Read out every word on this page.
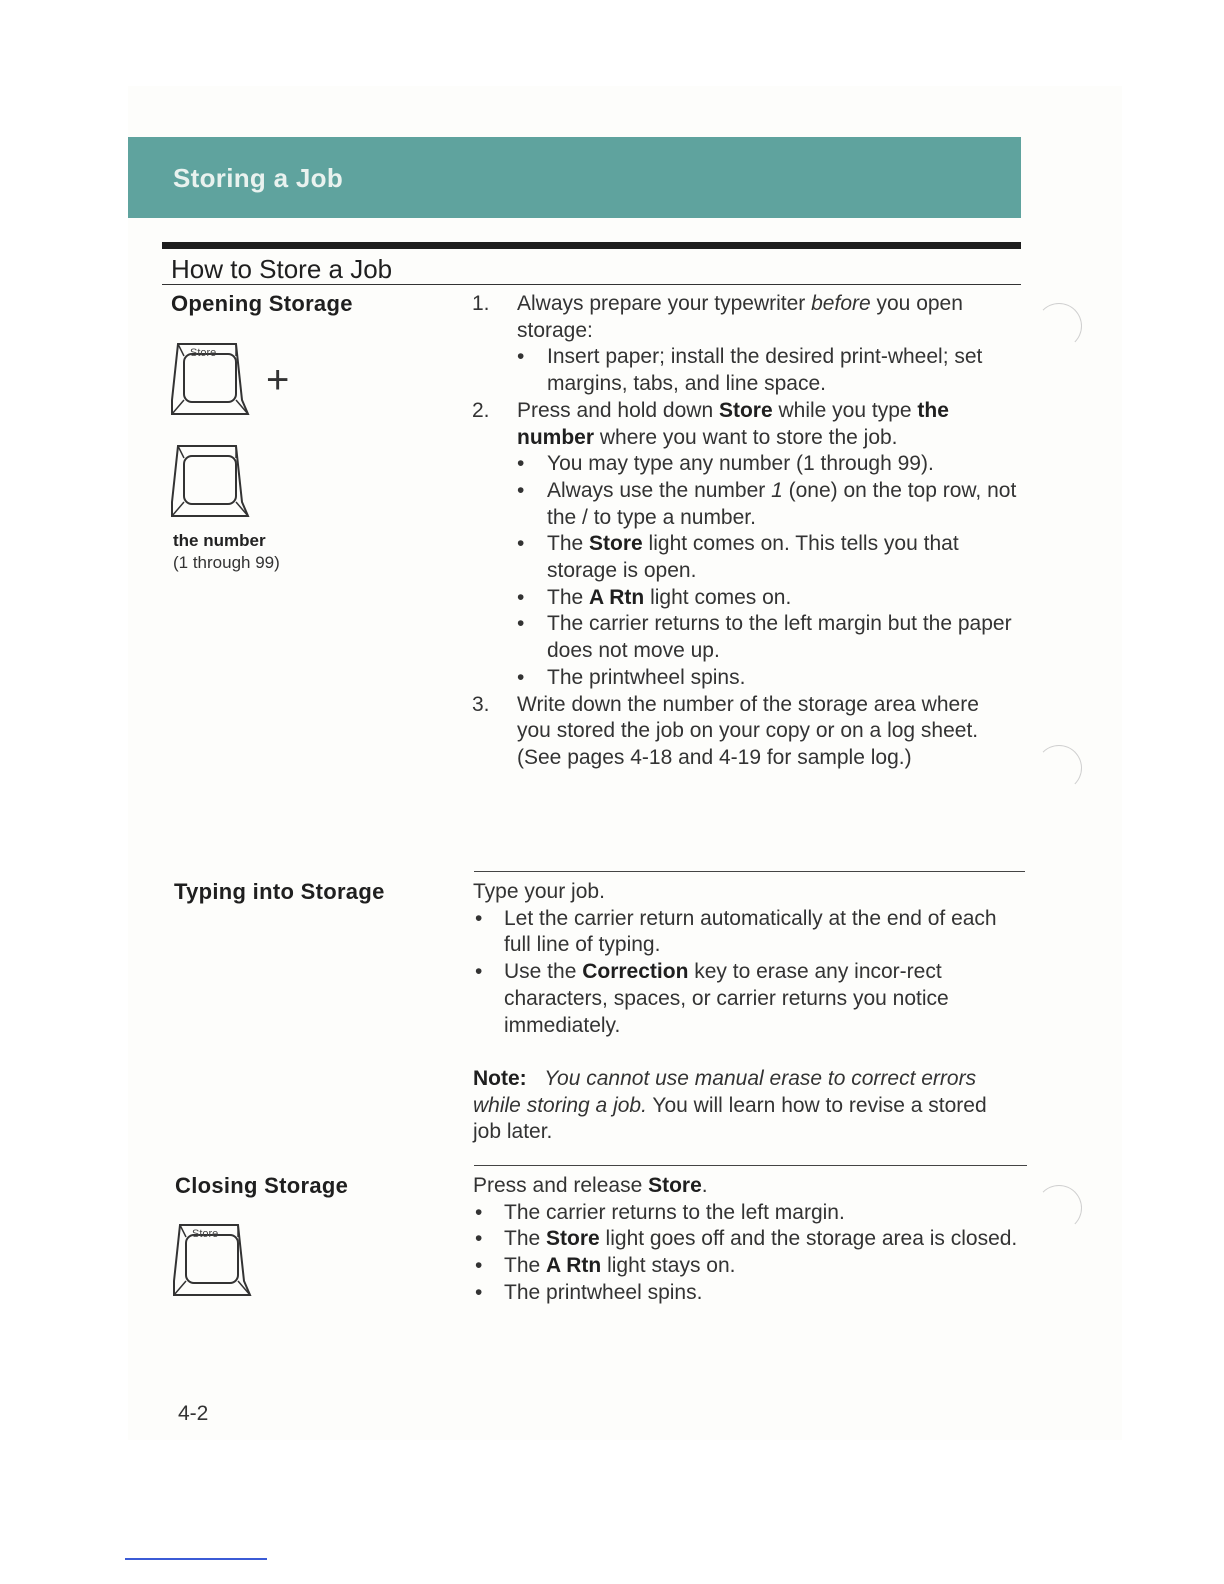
Storing a Job
How to Store a Job
Opening Storage
Store
+
the number
(1 through 99)
1. Always prepare your typewriter before you open storage:
• Insert paper; install the desired print-wheel; set margins, tabs, and line space.
2. Press and hold down Store while you type the number where you want to store the job.
• You may type any number (1 through 99).
• Always use the number 1 (one) on the top row, not the / to type a number.
• The Store light comes on. This tells you that storage is open.
• The A Rtn light comes on.
• The carrier returns to the left margin but the paper does not move up.
• The printwheel spins.
3. Write down the number of the storage area where you stored the job on your copy or on a log sheet. (See pages 4-18 and 4-19 for sample log.)
Typing into Storage	Type your job.
• Let the carrier return automatically at the end of each full line of typing.
• Use the Correction key to erase any incor-rect characters, spaces, or carrier returns you notice immediately.
Note: You cannot use manual erase to correct errors while storing a job. You will learn how to revise a stored job later.
Closing Storage
Store
Press and release Store.
• The carrier returns to the left margin.
• The Store light goes off and the storage area is closed.
• The A Rtn light stays on.
• The printwheel spins.
4-2
